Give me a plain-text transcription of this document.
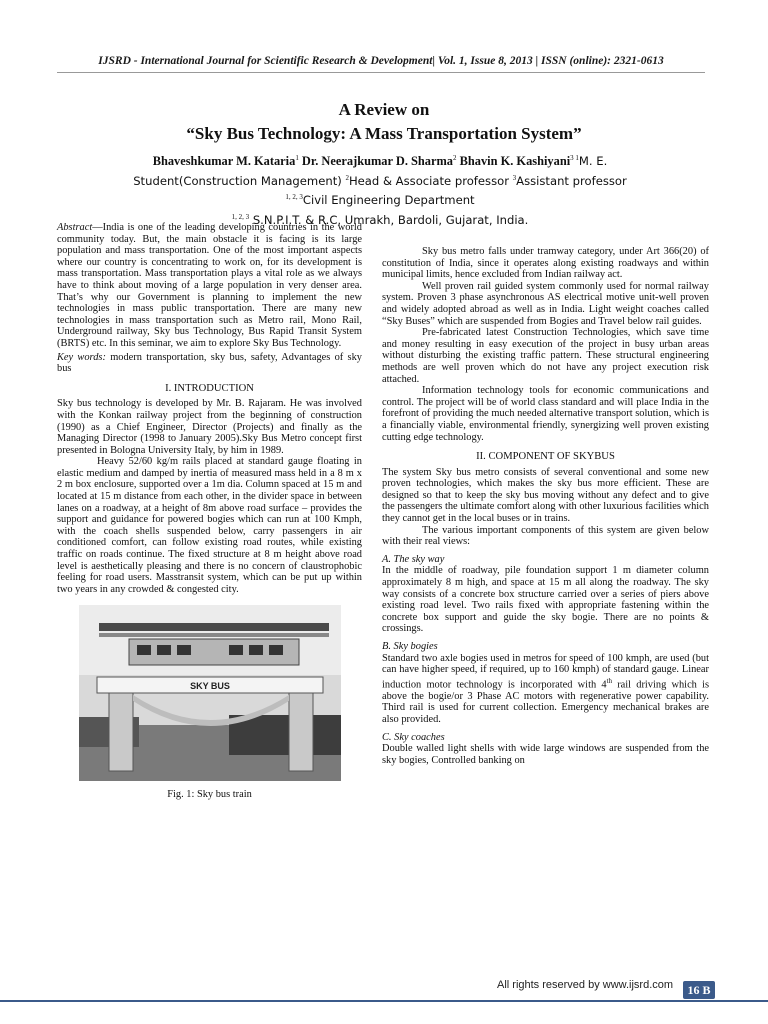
IJSRD - International Journal for Scientific Research & Development| Vol. 1, Issue 8, 2013 | ISSN (online): 2321-0613
A Review on
“Sky Bus Technology: A Mass Transportation System”
Bhaveshkumar M. Kataria$^1$ Dr. Neerajkumar D. Sharma$^2$ Bhavin K. Kashiyani$^{3 1}$M. E.
Student(Construction Management) $^2$Head & Associate professor $^3$Assistant professor
$^{1, 2, 3}$Civil Engineering Department
$^{1, 2, 3}$ S.N.P.I.T. & R.C, Umrakh, Bardoli, Gujarat, India.

Abstract—India is one of the leading developing countries in the world community today. But, the main obstacle it is facing is its large population and mass transportation. One of the most important aspects where our country is concentrating to work on, for its development is mass transportation. Mass transportation plays a vital role as we always have to think about moving of a large population in very denser area. That’s why our Government is planning to implement the new technologies in mass public transportation. There are many new technologies in mass transportation such as Metro rail, Mono Rail, Underground railway, Sky bus Technology, Bus Rapid Transit System (BRTS) etc. In this seminar, we aim to explore Sky Bus Technology.

Key words: modern transportation, sky bus, safety, Advantages of sky bus

I. INTRODUCTION

Sky bus technology is developed by Mr. B. Rajaram. He was involved with the Konkan railway project from the beginning of construction (1990) as a Chief Engineer, Director (Projects) and finally as the Managing Director (1998 to January 2005).Sky Bus Metro concept first presented in Bologna University Italy, by him in 1989.

Heavy 52/60 kg/m rails placed at standard gauge floating in elastic medium and damped by inertia of measured mass held in a 8 m x 2 m box enclosure, supported over a 1m dia. Column spaced at 15 m and located at 15 m distance from each other, in the divider space in between lanes on a roadway, at a height of 8m above road surface – provides the support and guidance for powered bogies which can run at 100 Kmph, with the coach shells suspended below, carry passengers in air conditioned comfort, can follow existing road routes, while existing traffic on roads continue. The fixed structure at 8 m height above road level is aesthetically pleasing and there is no concern of claustrophobic feeling for road users. Masstransit system, which can be put up within two years in any crowded & congested city.

SKY BUS

Fig. 1: Sky bus train

Sky bus metro falls under tramway category, under Art 366(20) of constitution of India, since it operates along existing roadways and within municipal limits, hence excluded from Indian railway act.

Well proven rail guided system commonly used for normal railway system. Proven 3 phase asynchronous AS electrical motive unit-well proven and widely adopted abroad as well as in India. Light weight coaches called “Sky Buses” which are suspended from Bogies and Travel below rail guides.

Pre-fabricated latest Construction Technologies, which save time and money resulting in easy execution of the project in busy urban areas without disturbing the existing traffic pattern. These structural engineering methods are well proven which do not have any project execution risk attached.

Information technology tools for economic communications and control. The project will be of world class standard and will place India in the forefront of providing the much needed alternative transport solution, which is a financially viable, environmental friendly, synergizing well proven existing cutting edge technology.

II. COMPONENT OF SKYBUS

The system Sky bus metro consists of several conventional and some new proven technologies, which makes the sky bus more efficient. These are designed so that to keep the sky bus moving without any defect and to give the passengers the ultimate comfort along with other luxurious facilities which they cannot get in the local buses or in trains.

The various important components of this system are given below with their real views:

A. The sky way

In the middle of roadway, pile foundation support 1 m diameter column approximately 8 m high, and space at 15 m all along the roadway. The sky way consists of a concrete box structure carried over a series of piers above existing road level. Two rails fixed with appropriate fastening within the concrete box support and guide the sky bogie. There are no points & crossings.

B. Sky bogies

Standard two axle bogies used in metros for speed of 100 kmph, are used (but can have higher speed, if required, up to 160 kmph) of standard gauge. Linear induction motor technology is incorporated with 4th rail driving which is above the bogie/or 3 Phase AC motors with regenerative power capability. Third rail is used for current collection. Emergency mechanical brakes are also provided.

C. Sky coaches

Double walled light shells with wide large windows are suspended from the sky bogies, Controlled banking on

All rights reserved by www.ijsrd.com	16 B
